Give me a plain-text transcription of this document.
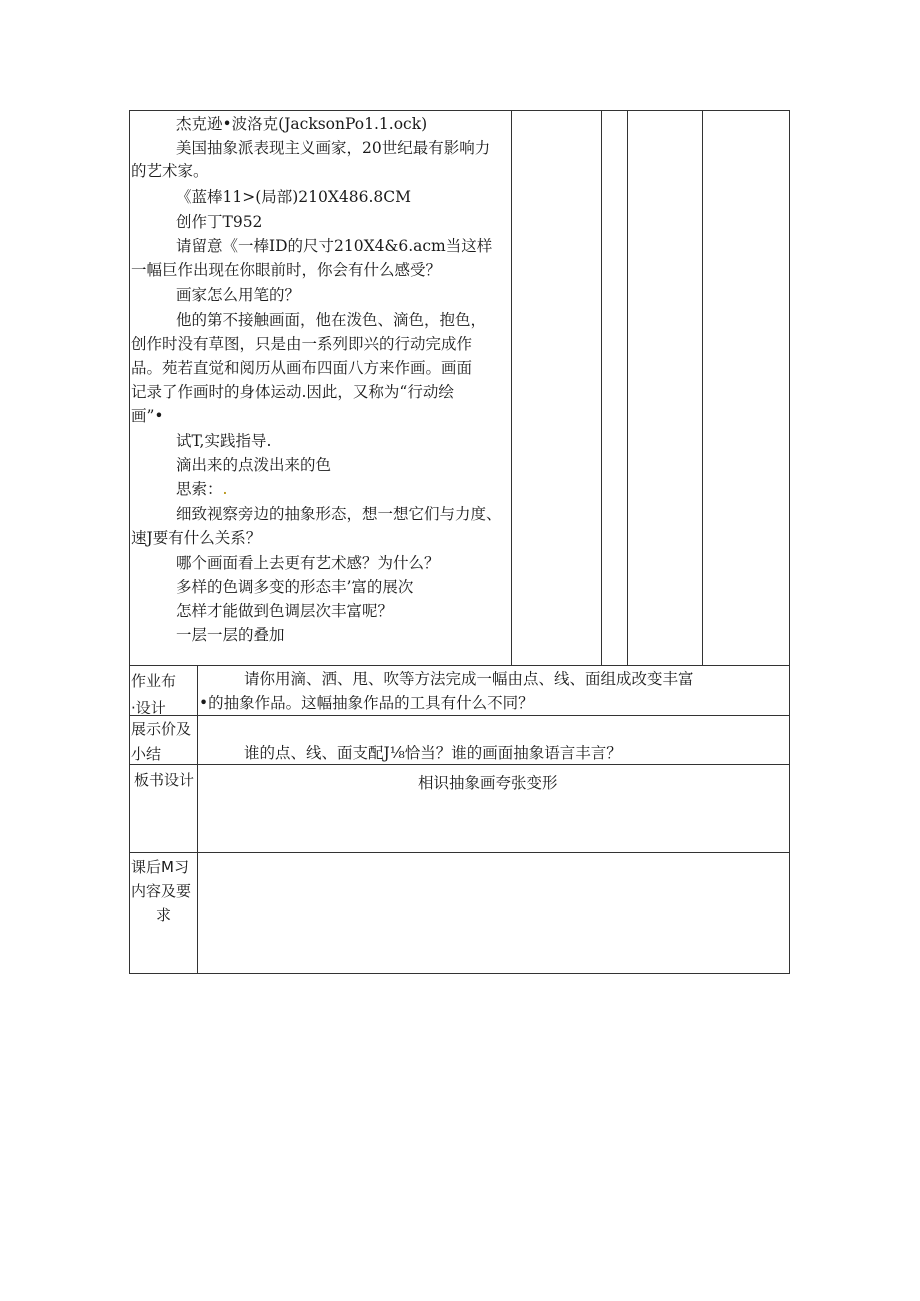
杰克逊•波洛克(JacksonPo1.1.ock)
美国抽象派表现主义画家，20世纪最有影响力
的艺术家。
《蓝棒11>(局部)210X486.8CM
创作丁T952
请留意《一棒ID的尺寸210X4&6.acm当这样
一幅巨作出现在你眼前时，你会有什么感受？
画家怎么用笔的？
他的第不接触画面，他在泼色、滴色，抱色，
创作时没有草图，只是由一系列即兴的行动完成作
品。苑若直觉和阅历从画布四面八方来作画。画面
记录了作画时的身体运动.因此，又称为“行动绘
画”•
试T,实践指导.
滴出来的点泼出来的色
思索：.
细致视察旁边的抽象形态，想一想它们与力度、
速J要有什么关系？
哪个画面看上去更有艺术感？为什么？
多样的色调多变的形态丰’富的展次
怎样才能做到色调层次丰富呢？
一层一层的叠加
作业布
·设计
请你用滴、洒、甩、吹等方法完成一幅由点、线、面组成改变丰富
•的抽象作品。这幅抽象作品的工具有什么不同？
展示价及
小结	谁的点、线、面支配J⅛恰当？谁的画面抽象语言丰言？
板书设计	相识抽象画夸张变形
课后M习
内容及要
求
